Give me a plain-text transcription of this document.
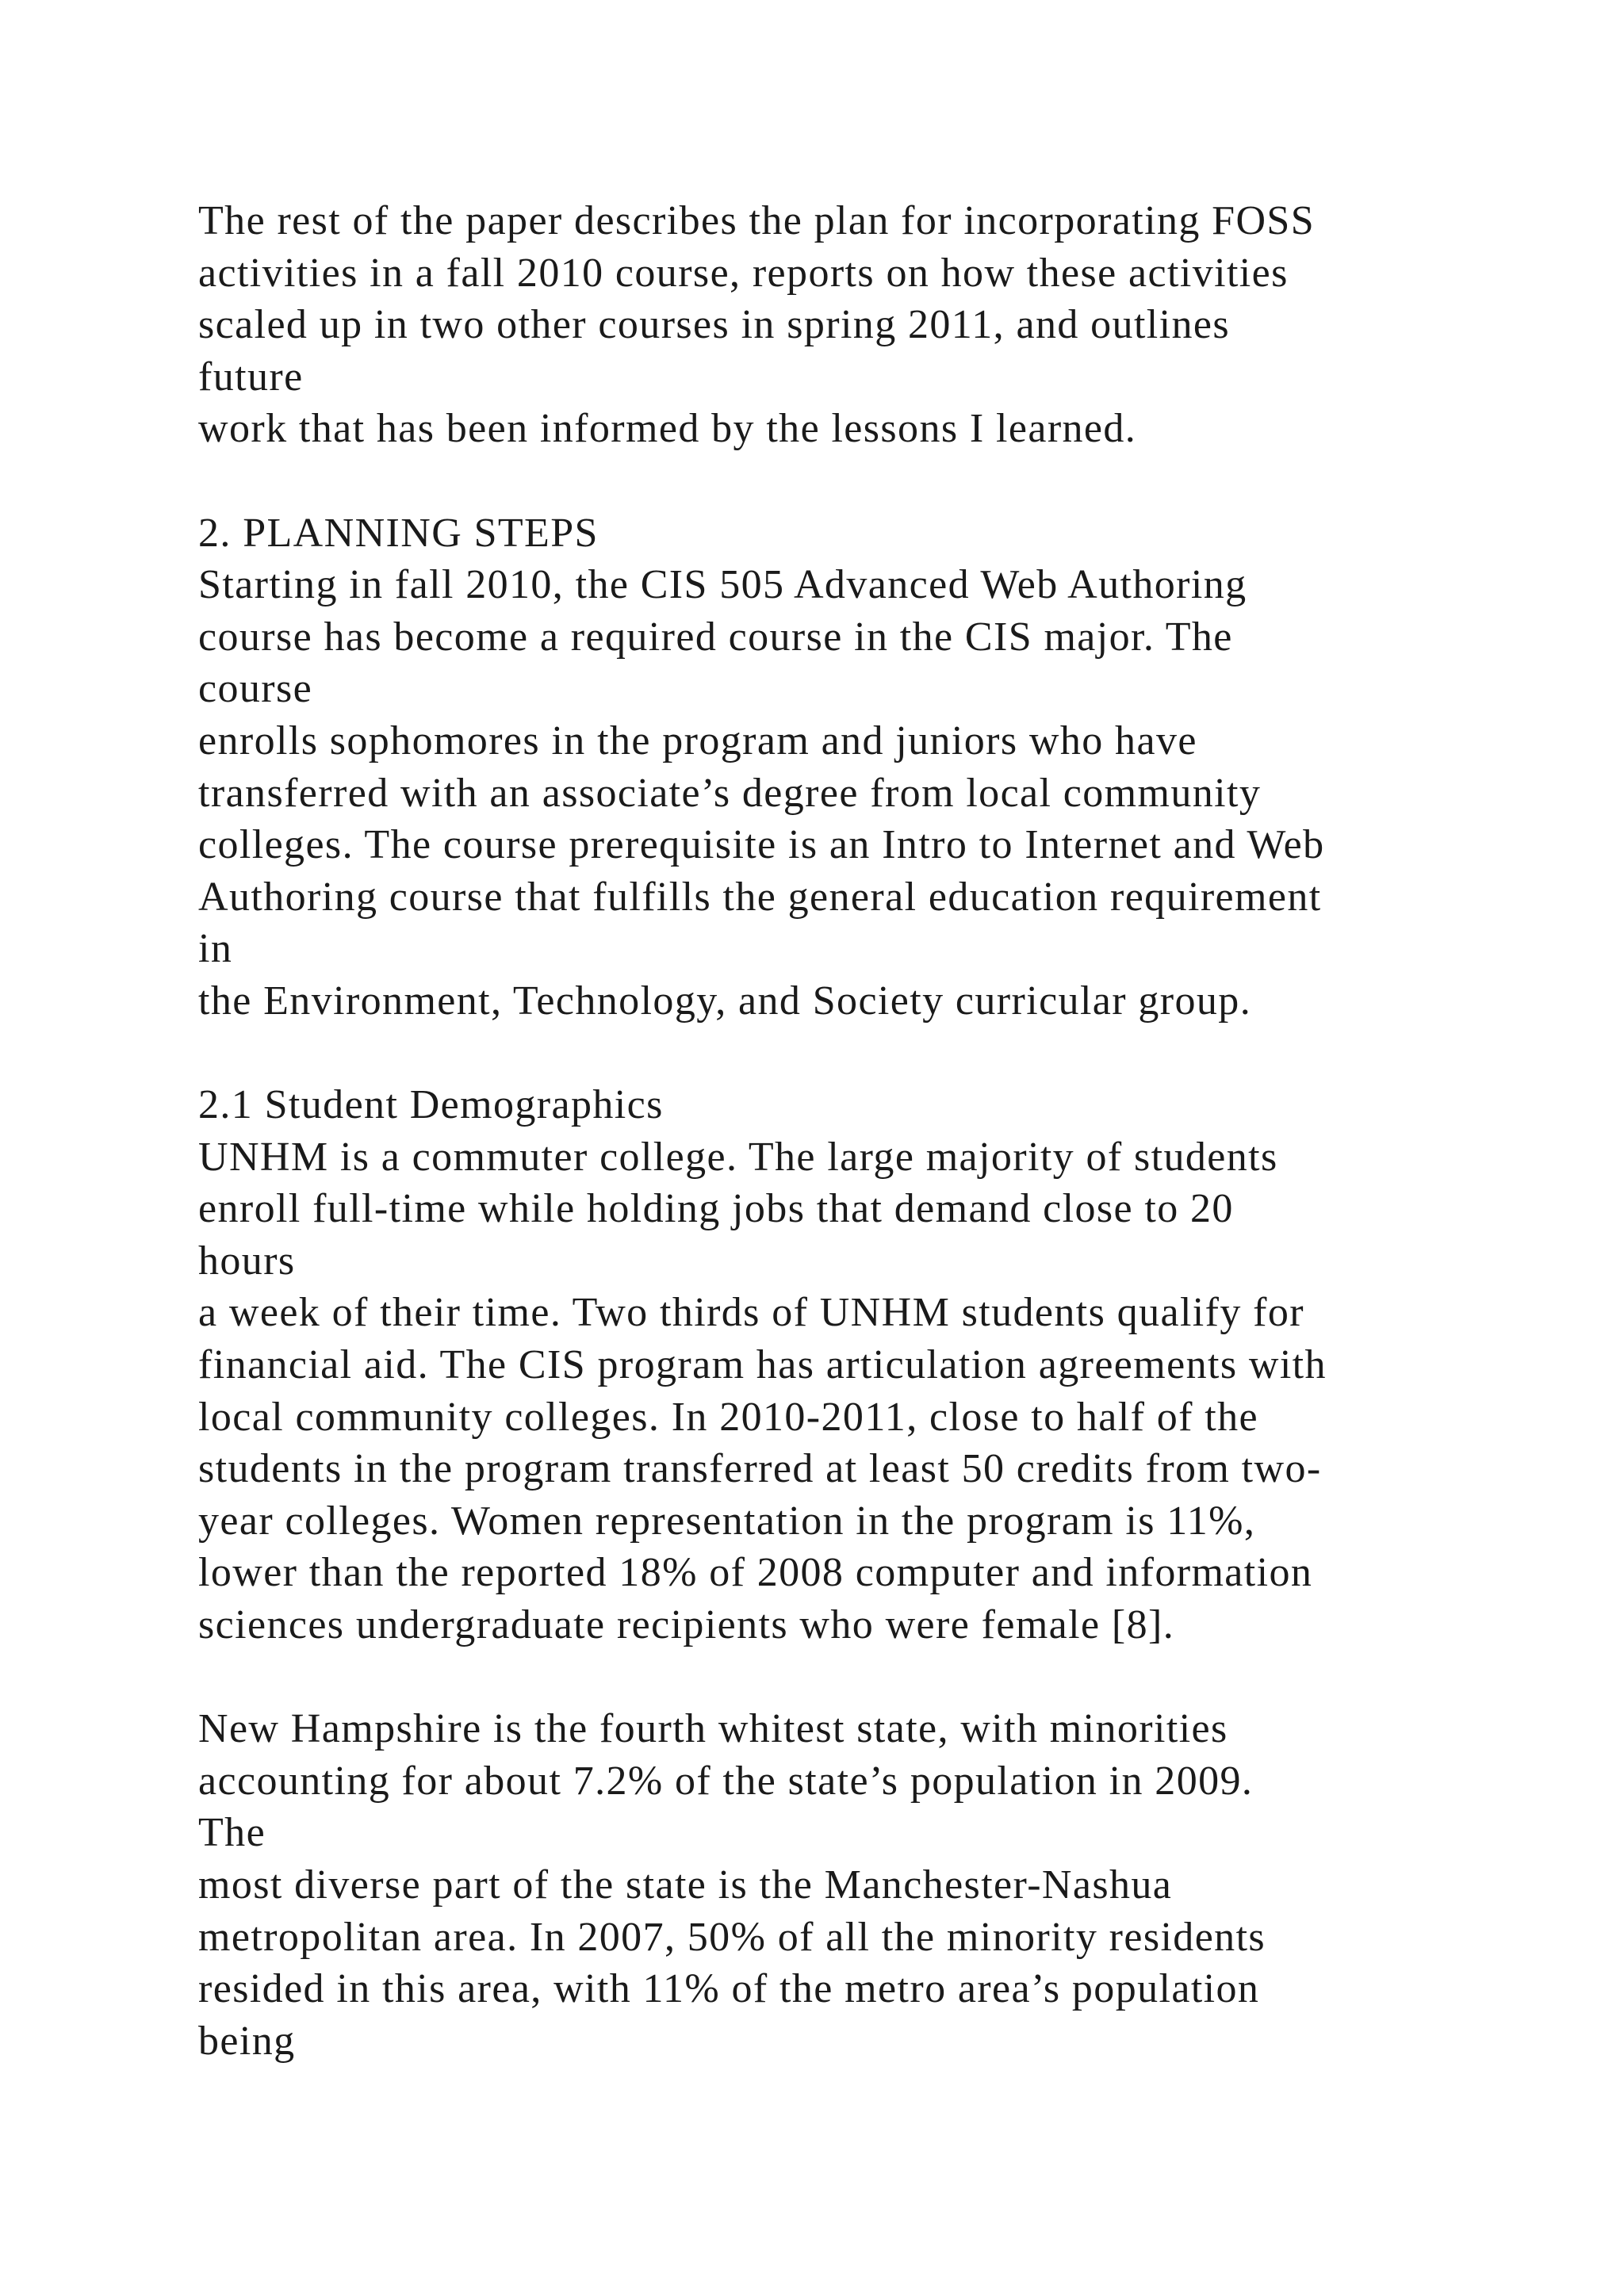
The rest of the paper describes the plan for incorporating FOSS
activities in a fall 2010 course, reports on how these activities
scaled up in two other courses in spring 2011, and outlines
future
work that has been informed by the lessons I learned.
2. PLANNING STEPS
Starting in fall 2010, the CIS 505 Advanced Web Authoring
course has become a required course in the CIS major. The
course
enrolls sophomores in the program and juniors who have
transferred with an associate’s degree from local community
colleges. The course prerequisite is an Intro to Internet and Web
Authoring course that fulfills the general education requirement
in
the Environment, Technology, and Society curricular group.
2.1 Student Demographics
UNHM is a commuter college. The large majority of students
enroll full-time while holding jobs that demand close to 20
hours
a week of their time. Two thirds of UNHM students qualify for
financial aid. The CIS program has articulation agreements with
local community colleges. In 2010-2011, close to half of the
students in the program transferred at least 50 credits from two-
year colleges. Women representation in the program is 11%,
lower than the reported 18% of 2008 computer and information
sciences undergraduate recipients who were female [8].
New Hampshire is the fourth whitest state, with minorities
accounting for about 7.2% of the state’s population in 2009.
The
most diverse part of the state is the Manchester-Nashua
metropolitan area. In 2007, 50% of all the minority residents
resided in this area, with 11% of the metro area’s population
being
